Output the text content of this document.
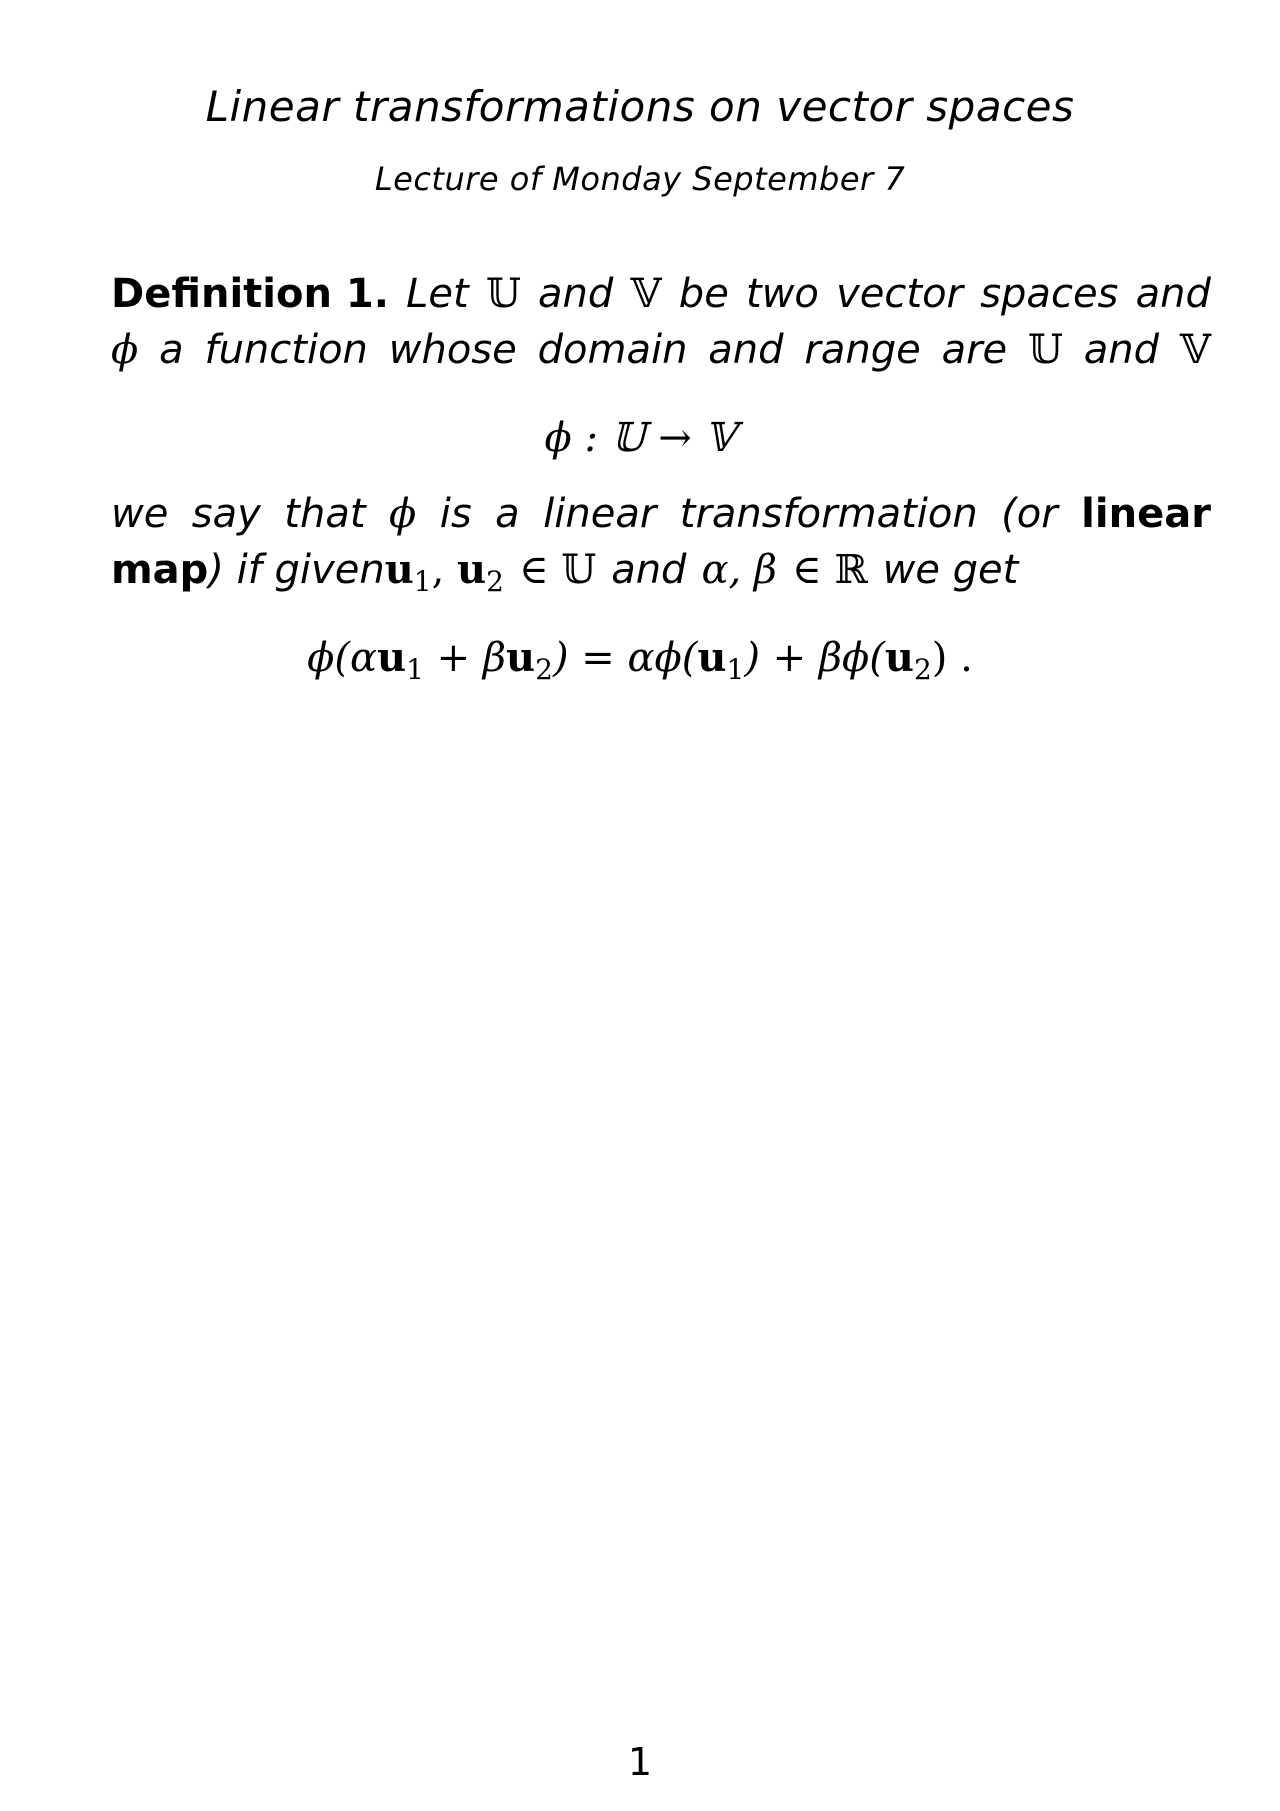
Linear transformations on vector spaces
Lecture of Monday September 7
Definition 1. Let 𝕌 and 𝕍 be two vector spaces and
ϕ a function whose domain and range are 𝕌 and 𝕍
ϕ : 𝕌 → 𝕍
we say that ϕ is a linear transformation (or linear
map) if given $u_1$, $u_2$ ∈ 𝕌 and α, β ∈ ℝ we get
$\phi(\alpha u_1 + \beta u_2) = \alpha\phi(u_1) + \beta\phi(u_2)$ .
1
